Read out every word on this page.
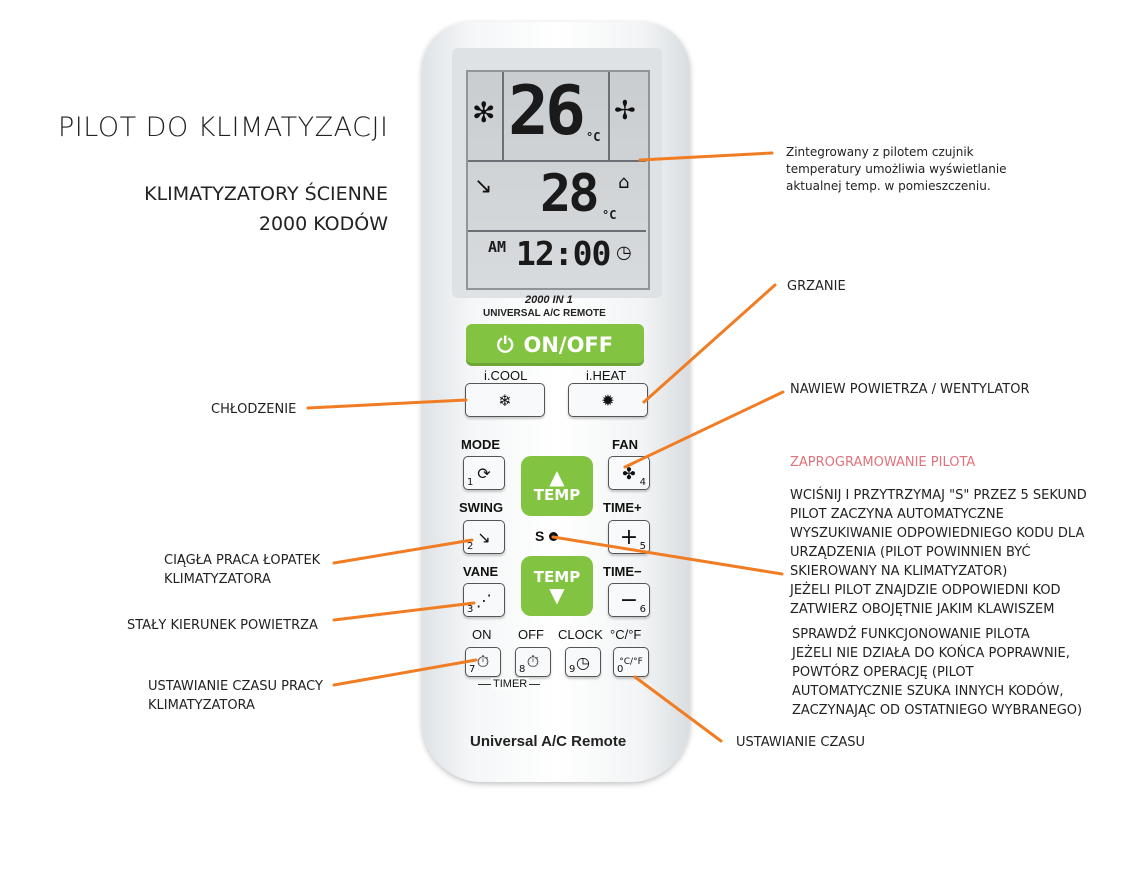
PILOT DO KLIMATYZACJI
KLIMATYZATORY ŚCIENNE
2000 KODÓW
✻ 26 °C
✢
↘ 28 °C
⌂
AM 12:00 ◷
2000 IN 1
UNIVERSAL A/C REMOTE
⏻ ON/OFF
i.COOL	i.HEAT
❄	✹
MODE	FAN
⟳
1	✤ 4
▲
TEMP
SWING	TIME+
↘
2	+ 5
S
VANE	TIME−
⋰
3	− 6
TEMP
▼
ON OFF CLOCK °C/°F
⏱
7	⏱
8	◷
9
°C/°F
0
TIMER
Universal A/C Remote
Zintegrowany z pilotem czujnik
temperatury umożliwia wyświetlanie
aktualnej temp. w pomieszczeniu.
GRZANIE
NAWIEW POWIETRZA / WENTYLATOR
ZAPROGRAMOWANIE PILOTA
WCIŚNIJ I PRZYTRZYMAJ "S" PRZEZ 5 SEKUND
PILOT ZACZYNA AUTOMATYCZNE
WYSZUKIWANIE ODPOWIEDNIEGO KODU DLA
URZĄDZENIA (PILOT POWINNIEN BYĆ
SKIEROWANY NA KLIMATYZATOR)
JEŻELI PILOT ZNAJDZIE ODPOWIEDNI KOD
ZATWIERZ OBOJĘTNIE JAKIM KLAWISZEM
SPRAWDŹ FUNKCJONOWANIE PILOTA
JEŻELI NIE DZIAŁA DO KOŃCA POPRAWNIE,
POWTÓRZ OPERACJĘ (PILOT
AUTOMATYCZNIE SZUKA INNYCH KODÓW,
ZACZYNAJĄC OD OSTATNIEGO WYBRANEGO)
USTAWIANIE CZASU
CHŁODZENIE
CIĄGŁA PRACA ŁOPATEK
KLIMATYZATORA
STAŁY KIERUNEK POWIETRZA
USTAWIANIE CZASU PRACY
KLIMATYZATORA
